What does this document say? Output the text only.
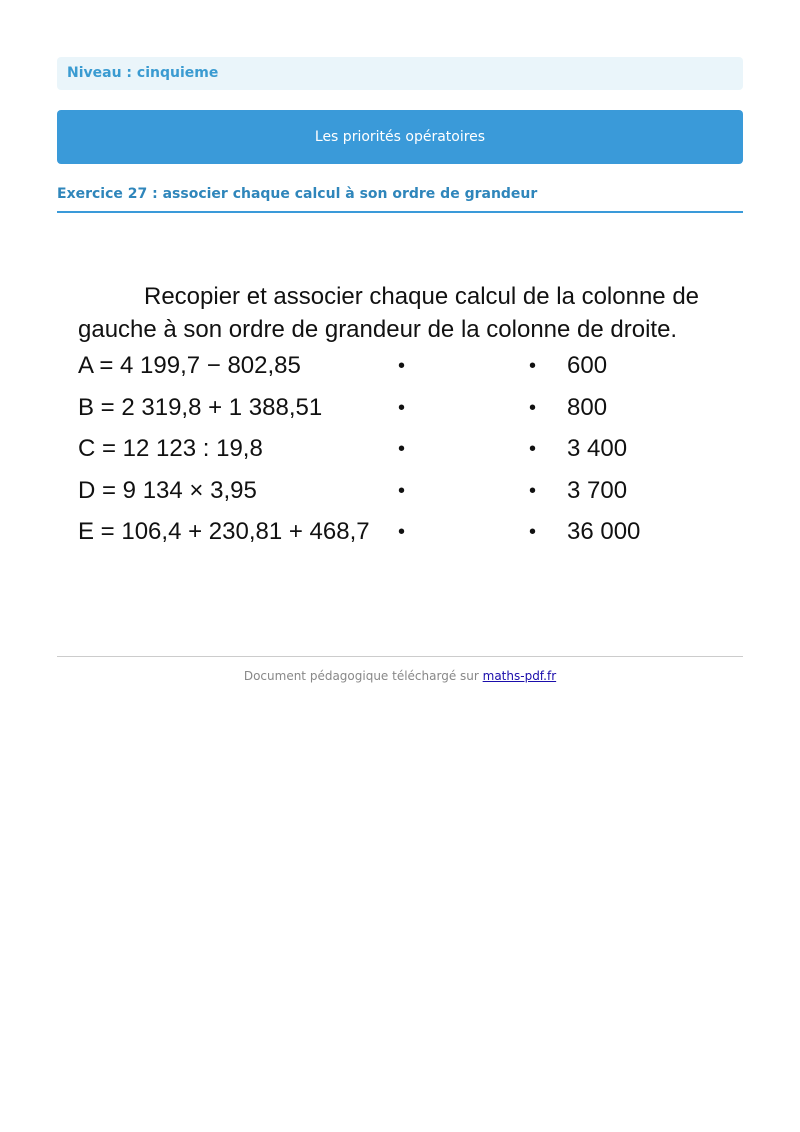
Niveau : cinquieme
Les priorités opératoires
Exercice 27 : associer chaque calcul à son ordre de grandeur

Recopier et associer chaque calcul de la colonne de gauche à son ordre de grandeur de la colonne de droite.

A = 4 199,7 − 802,85	•	• 600
B = 2 319,8 + 1 388,51	•	• 800
C = 12 123 : 19,8	•	• 3 400
D = 9 134 × 3,95	•	• 3 700
E = 106,4 + 230,81 + 468,7 •	• 36 000
Document pédagogique téléchargé sur maths-pdf.fr
